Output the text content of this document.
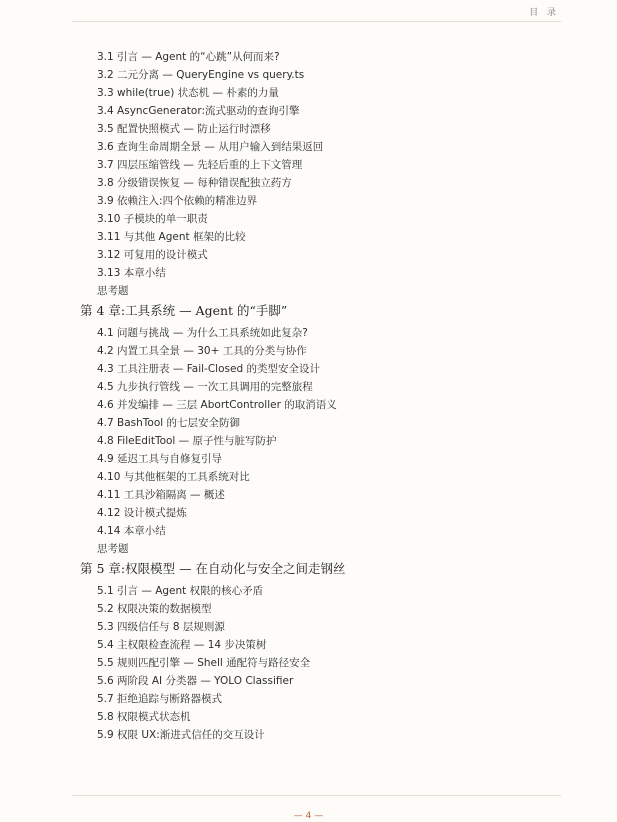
目 录
3.1 引言 — Agent 的“心跳”从何而来?
3.2 二元分离 — QueryEngine vs query.ts
3.3 while(true) 状态机 — 朴素的力量
3.4 AsyncGenerator:流式驱动的查询引擎
3.5 配置快照模式 — 防止运行时漂移
3.6 查询生命周期全景 — 从用户输入到结果返回
3.7 四层压缩管线 — 先轻后重的上下文管理
3.8 分级错误恢复 — 每种错误配独立药方
3.9 依赖注入:四个依赖的精准边界
3.10 子模块的单一职责
3.11 与其他 Agent 框架的比较
3.12 可复用的设计模式
3.13 本章小结
思考题
第 4 章:工具系统 — Agent 的“手脚”
4.1 问题与挑战 — 为什么工具系统如此复杂?
4.2 内置工具全景 — 30+ 工具的分类与协作
4.3 工具注册表 — Fail-Closed 的类型安全设计
4.5 九步执行管线 — 一次工具调用的完整旅程
4.6 并发编排 — 三层 AbortController 的取消语义
4.7 BashTool 的七层安全防御
4.8 FileEditTool — 原子性与脏写防护
4.9 延迟工具与自修复引导
4.10 与其他框架的工具系统对比
4.11 工具沙箱隔离 — 概述
4.12 设计模式提炼
4.14 本章小结
思考题
第 5 章:权限模型 — 在自动化与安全之间走钢丝
5.1 引言 — Agent 权限的核心矛盾
5.2 权限决策的数据模型
5.3 四级信任与 8 层规则源
5.4 主权限检查流程 — 14 步决策树
5.5 规则匹配引擎 — Shell 通配符与路径安全
5.6 两阶段 AI 分类器 — YOLO Classifier
5.7 拒绝追踪与断路器模式
5.8 权限模式状态机
5.9 权限 UX:渐进式信任的交互设计
— 4 —
